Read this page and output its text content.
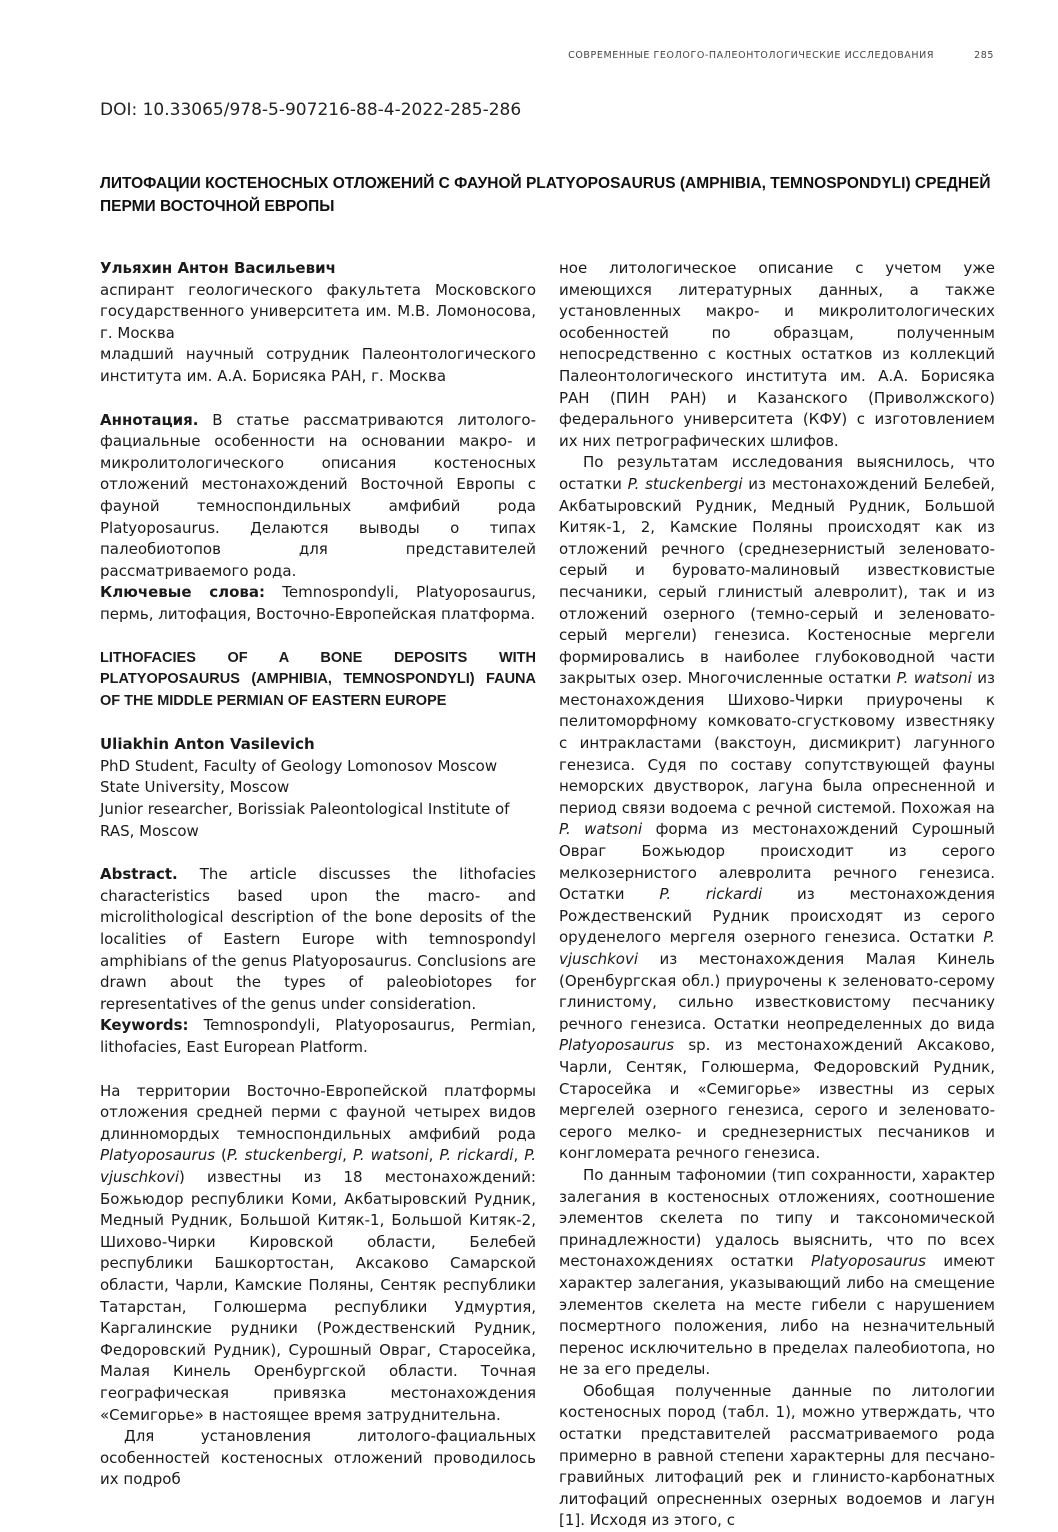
СОВРЕМЕННЫЕ ГЕОЛОГО-ПАЛЕОНТОЛОГИЧЕСКИЕ ИССЛЕДОВАНИЯ	285
DOI: 10.33065/978-5-907216-88-4-2022-285-286
ЛИТОФАЦИИ КОСТЕНОСНЫХ ОТЛОЖЕНИЙ С ФАУНОЙ PLATYOPOSAURUS (AMPHIBIA, TEMNOSPONDYLI) СРЕДНЕЙ ПЕРМИ ВОСТОЧНОЙ ЕВРОПЫ

Ульяхин Антон Васильевич

аспирант геологического факультета Московского государственного университета им. М.В. Ломоносова, г. Москва

младший научный сотрудник Палеонтологического института им. А.А. Борисяка РАН, г. Москва

Аннотация. В статье рассматриваются литолого-фациальные особенности на основании макро- и микролитологического описания костеносных отложений местонахождений Восточной Европы с фауной темноспондильных амфибий рода Platyoposaurus. Делаются выводы о типах палеобиотопов для представителей рассматриваемого рода.

Ключевые слова: Temnospondyli, Platyoposaurus, пермь, литофация, Восточно-Европейская платформа.

LITHOFACIES OF A BONE DEPOSITS WITH PLATYOPOSAURUS (AMPHIBIA, TEMNOSPONDYLI) FAUNA OF THE MIDDLE PERMIAN OF EASTERN EUROPE

Uliakhin Anton Vasilevich

PhD Student, Faculty of Geology Lomonosov Moscow State University, Moscow

Junior researcher, Borissiak Paleontological Institute of RAS, Moscow

Abstract. The article discusses the lithofacies characteristics based upon the macro- and microlithological description of the bone deposits of the localities of Eastern Europe with temnospondyl amphibians of the genus Platyoposaurus. Conclusions are drawn about the types of paleobiotopes for representatives of the genus under consideration.

Keywords: Temnospondyli, Platyoposaurus, Permian, lithofacies, East European Platform.

На территории Восточно-Европейской платформы отложения средней перми с фауной четырех видов длинномордых темноспондильных амфибий рода Platyoposaurus (P. stuckenbergi, P. watsoni, P. rickardi, P. vjuschkovi) известны из 18 местонахождений: Божьюдор республики Коми, Акбатыровский Рудник, Медный Рудник, Большой Китяк-1, Большой Китяк-2, Шихово-Чирки Кировской области, Белебей республики Башкортостан, Аксаково Самарской области, Чарли, Камские Поляны, Сентяк республики Татарстан, Голюшерма республики Удмуртия, Каргалинские рудники (Рождественский Рудник, Федоровский Рудник), Сурошный Овраг, Старосейка, Малая Кинель Оренбургской области. Точная географическая привязка местонахождения «Семигорье» в настоящее время затруднительна.

Для установления литолого-фациальных особенностей костеносных отложений проводилось их подроб

ное литологическое описание с учетом уже имеющихся литературных данных, а также установленных макро- и микролитологических особенностей по образцам, полученным непосредственно с костных остатков из коллекций Палеонтологического института им. А.А. Борисяка РАН (ПИН РАН) и Казанского (Приволжского) федерального университета (КФУ) с изготовлением их них петрографических шлифов.

По результатам исследования выяснилось, что остатки P. stuckenbergi из местонахождений Белебей, Акбатыровский Рудник, Медный Рудник, Большой Китяк-1, 2, Камские Поляны происходят как из отложений речного (среднезернистый зеленовато-серый и буровато-малиновый известковистые песчаники, серый глинистый алевролит), так и из отложений озерного (темно-серый и зеленовато-серый мергели) генезиса. Костеносные мергели формировались в наиболее глубоководной части закрытых озер. Многочисленные остатки P. watsoni из местонахождения Шихово-Чирки приурочены к пелитоморфному комковато-сгустковому известняку с интракластами (вакстоун, дисмикрит) лагунного генезиса. Судя по составу сопутствующей фауны неморских двустворок, лагуна была опресненной и период связи водоема с речной системой. Похожая на P. watsoni форма из местонахождений Сурошный Овраг Божьюдор происходит из серого мелкозернистого алевролита речного генезиса. Остатки P. rickardi из местонахождения Рождественский Рудник происходят из серого оруденелого мергеля озерного генезиса. Остатки P. vjuschkovi из местонахождения Малая Кинель (Оренбургская обл.) приурочены к зеленовато-серому глинистому, сильно известковистому песчанику речного генезиса. Остатки неопределенных до вида Platyoposaurus sp. из местонахождений Аксаково, Чарли, Сентяк, Голюшерма, Федоровский Рудник, Старосейка и «Семигорье» известны из серых мергелей озерного генезиса, серого и зеленовато-серого мелко- и среднезернистых песчаников и конгломерата речного генезиса.

По данным тафономии (тип сохранности, характер залегания в костеносных отложениях, соотношение элементов скелета по типу и таксономической принадлежности) удалось выяснить, что по всех местонахождениях остатки Platyoposaurus имеют характер залегания, указывающий либо на смещение элементов скелета на месте гибели с нарушением посмертного положения, либо на незначительный перенос исключительно в пределах палеобиотопа, но не за его пределы.

Обобщая полученные данные по литологии костеносных пород (табл. 1), можно утверждать, что остатки представителей рассматриваемого рода примерно в равной степени характерны для песчано-гравийных литофаций рек и глинисто-карбонатных литофаций опресненных озерных водоемов и лагун [1]. Исходя из этого, с
